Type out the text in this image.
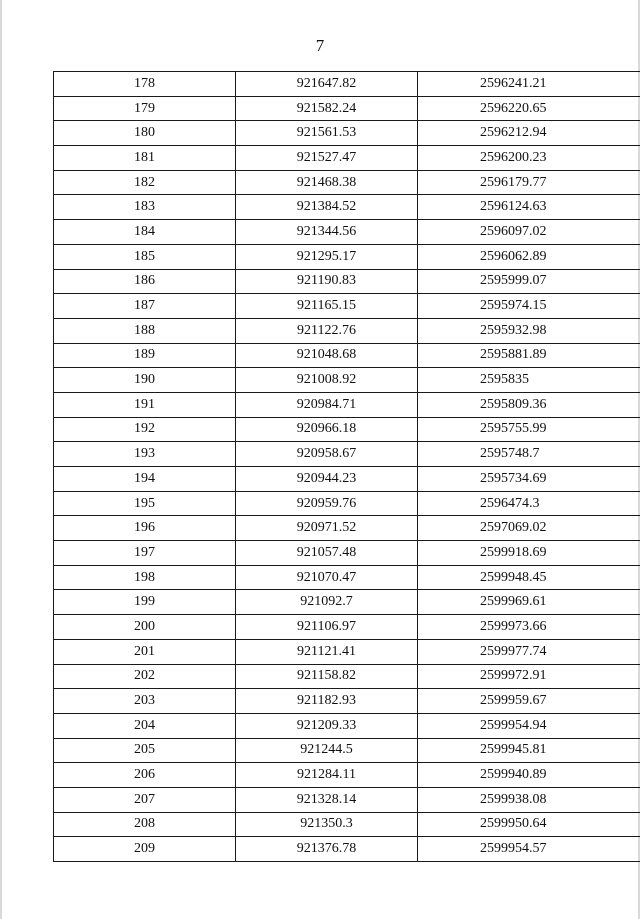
7
178	921647.82	2596241.21
179	921582.24	2596220.65
180	921561.53	2596212.94
181	921527.47	2596200.23
182	921468.38	2596179.77
183	921384.52	2596124.63
184	921344.56	2596097.02
185	921295.17	2596062.89
186	921190.83	2595999.07
187	921165.15	2595974.15
188	921122.76	2595932.98
189	921048.68	2595881.89
190	921008.92	2595835
191	920984.71	2595809.36
192	920966.18	2595755.99
193	920958.67	2595748.7
194	920944.23	2595734.69
195	920959.76	2596474.3
196	920971.52	2597069.02
197	921057.48	2599918.69
198	921070.47	2599948.45
199	921092.7	2599969.61
200	921106.97	2599973.66
201	921121.41	2599977.74
202	921158.82	2599972.91
203	921182.93	2599959.67
204	921209.33	2599954.94
205	921244.5	2599945.81
206	921284.11	2599940.89
207	921328.14	2599938.08
208	921350.3	2599950.64
209	921376.78	2599954.57
